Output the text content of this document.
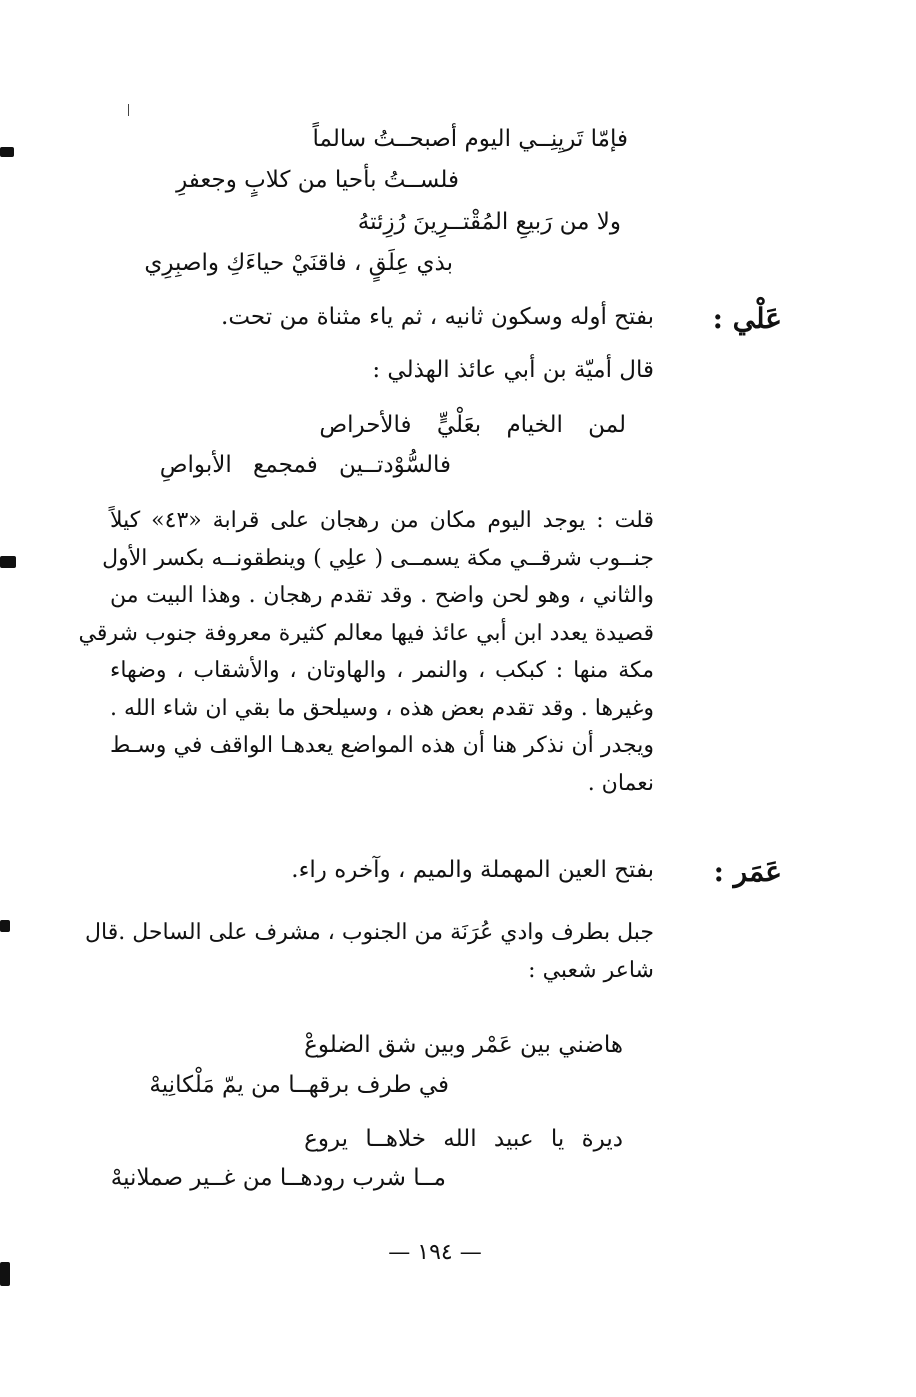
فإمّا تَريِنِــي اليوم أصبحــتُ سالماً
فلســتُ بأحيا من كلابٍ وجعفرِ
ولا من رَبيعِ المُقْتــرِينَ رُزِئتهُ
بذي عِلَقٍ ، فاقنَيْ حياءَكِ واصبِرِي
عَلْي :
بفتح أوله وسكون ثانيه ، ثم ياء مثناة من تحت.
قال أميّة بن أبي عائذ الهذلي :
لمن الخيام بعَلْيٍّ فالأحراص
فالسُّوْدتــين فمجمع الأبواصِ
قلت : يوجد اليوم مكان من رهجان على قرابة «٤٣» كيلاً
جنــوب شرقــي مكة يسمــى ( علِي ) وينطقونــه بكسر الأول
والثاني ، وهو لحن واضح . وقد تقدم رهجان . وهذا البيت من
قصيدة يعدد ابن أبي عائذ فيها معالم كثيرة معروفة جنوب شرقي
مكة منها : كبكب ، والنمر ، والهاوتان ، والأشقاب ، وضهاء
وغيرها . وقد تقدم بعض هذه ، وسيلحق ما بقي ان شاء الله .
ويجدر أن نذكر هنا أن هذه المواضع يعدهـا الواقف في وسـط
نعمان .
عَمَر :
بفتح العين المهملة والميم ، وآخره راء.
جبل بطرف وادي عُرَنَة من الجنوب ، مشرف على الساحل .قال
شاعر شعبي :
هاضني بين عَمْر وبين شق الضلوعْ
في طرف برقهــا من يمّ مَلْكانِيهْ
ديرة يا عبيد الله خلاهــا يروع
مــا شرب رودهــا من غــير صملانيهْ
— ١٩٤ —
